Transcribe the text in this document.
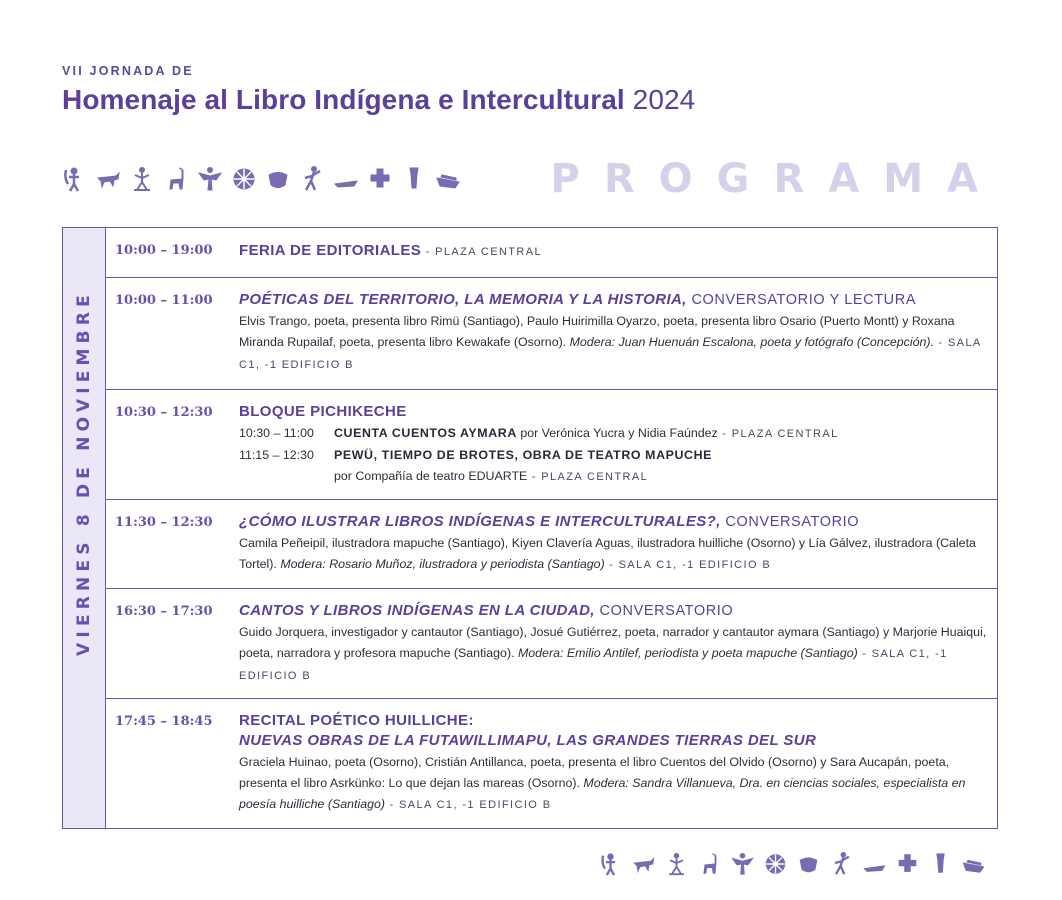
VII JORNADA DE
Homenaje al Libro Indígena e Intercultural 2024
PROGRAMA
VIERNES 8 DE NOVIEMBRE
10:00 – 19:00 FERIA DE EDITORIALES - PLAZA CENTRAL
10:00 – 11:00 POÉTICAS DEL TERRITORIO, LA MEMORIA Y LA HISTORIA, CONVERSATORIO Y LECTURA
Elvis Trango, poeta, presenta libro Rimü (Santiago), Paulo Huirimilla Oyarzo, poeta, presenta libro Osario (Puerto Montt) y Roxana Miranda Rupailaf, poeta, presenta libro Kewakafe (Osorno). Modera: Juan Huenuán Escalona, poeta y fotógrafo (Concepción). - SALA C1, -1 EDIFICIO B
10:30 – 12:30 BLOQUE PICHIKECHE
10:30 – 11:00 CUENTA CUENTOS AYMARA por Verónica Yucra y Nidia Faúndez - PLAZA CENTRAL
11:15 – 12:30 PEWÜ, TIEMPO DE BROTES, OBRA DE TEATRO MAPUCHE
por Compañía de teatro EDUARTE - PLAZA CENTRAL
11:30 – 12:30 ¿CÓMO ILUSTRAR LIBROS INDÍGENAS E INTERCULTURALES?, CONVERSATORIO
Camila Peñeipil, ilustradora mapuche (Santiago), Kiyen Clavería Aguas, ilustradora huilliche (Osorno) y Lía Gálvez, ilustradora (Caleta Tortel). Modera: Rosario Muñoz, ilustradora y periodista (Santiago) - SALA C1, -1 EDIFICIO B
16:30 – 17:30 CANTOS Y LIBROS INDÍGENAS EN LA CIUDAD, CONVERSATORIO
Guido Jorquera, investigador y cantautor (Santiago), Josué Gutiérrez, poeta, narrador y cantautor aymara (Santiago) y Marjorie Huaiqui, poeta, narradora y profesora mapuche (Santiago). Modera: Emilio Antilef, periodista y poeta mapuche (Santiago) - SALA C1, -1 EDIFICIO B
17:45 – 18:45 RECITAL POÉTICO HUILLICHE:
NUEVAS OBRAS DE LA FUTAWILLIMAPU, LAS GRANDES TIERRAS DEL SUR
Graciela Huinao, poeta (Osorno), Cristián Antillanca, poeta, presenta el libro Cuentos del Olvido (Osorno) y Sara Aucapán, poeta, presenta el libro Asrkünko: Lo que dejan las mareas (Osorno). Modera: Sandra Villanueva, Dra. en ciencias sociales, especialista en poesía huilliche (Santiago) - SALA C1, -1 EDIFICIO B
